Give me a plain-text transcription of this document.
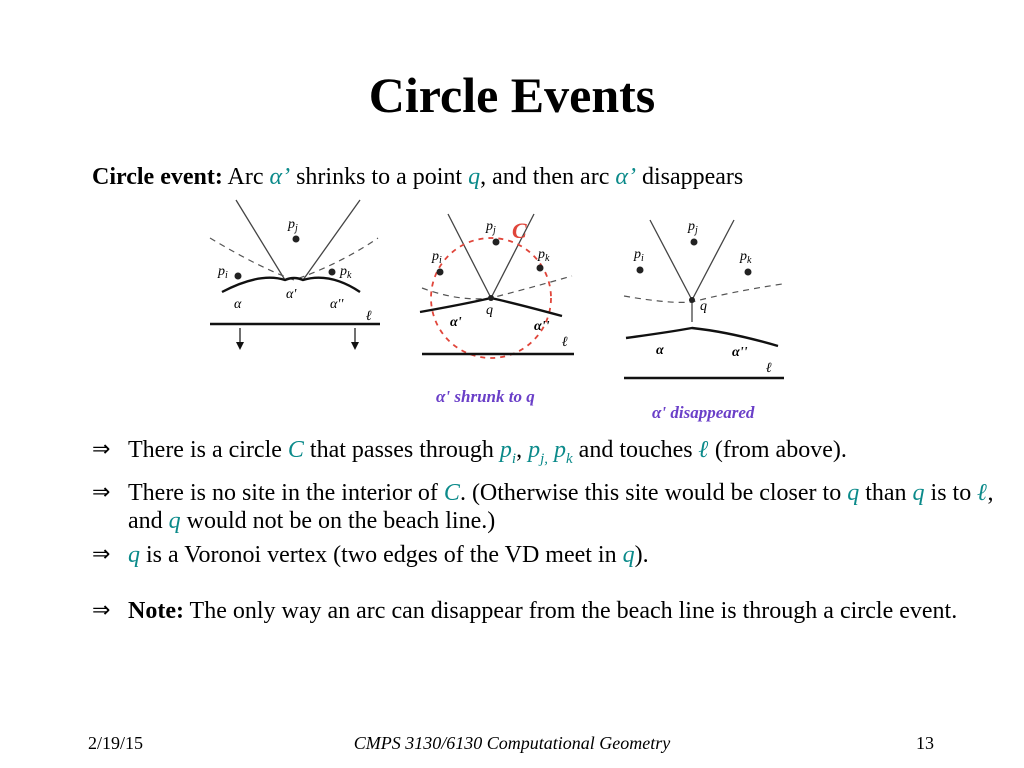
Circle Events
Circle event: Arc α’ shrinks to a point q, and then arc α’ disappears
$p_j$
$p_i$	$p_k$
α
α'
α''
ℓ
$p_j$
$p_i$	$p_k$
q
C
α'	α''
ℓ
α' shrunk to q
$p_j$
$p_i$	$p_k$
q
α	α''
ℓ
α' disappeared
⇒ There is a circle C that passes through $p_i$, $p_{j,}$ $p_k$ and touches ℓ (from above).
⇒ There is no site in the interior of C. (Otherwise this site would be closer to q than q is to ℓ, and q would not be on the beach line.)
⇒ q is a Voronoi vertex (two edges of the VD meet in q).
⇒ Note: The only way an arc can disappear from the beach line is through a circle event.
2/19/15	CMPS 3130/6130 Computational Geometry	13
